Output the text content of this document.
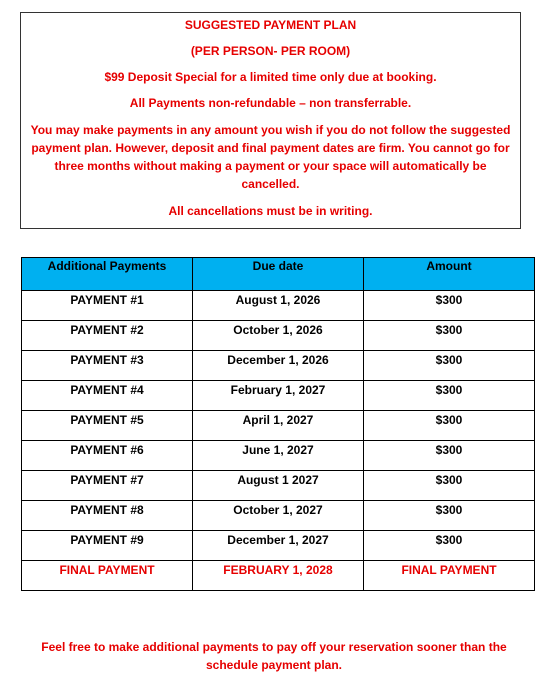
SUGGESTED PAYMENT PLAN
(PER PERSON- PER ROOM)
$99 Deposit Special for a limited time only due at booking.
All Payments non-refundable – non transferrable.
You may make payments in any amount you wish if you do not follow the suggested payment plan. However, deposit and final payment dates are firm. You cannot go for three months without making a payment or your space will automatically be cancelled.
All cancellations must be in writing.
Additional Payments	Due date	Amount
PAYMENT #1	August 1, 2026	$300
PAYMENT #2	October 1, 2026	$300
PAYMENT #3	December 1, 2026	$300
PAYMENT #4	February 1, 2027	$300
PAYMENT #5	April 1, 2027	$300
PAYMENT #6	June 1, 2027	$300
PAYMENT #7	August 1 2027	$300
PAYMENT #8	October 1, 2027	$300
PAYMENT #9	December 1, 2027	$300
FINAL PAYMENT	FEBRUARY 1, 2028	FINAL PAYMENT
Feel free to make additional payments to pay off your reservation sooner than the schedule payment plan.
